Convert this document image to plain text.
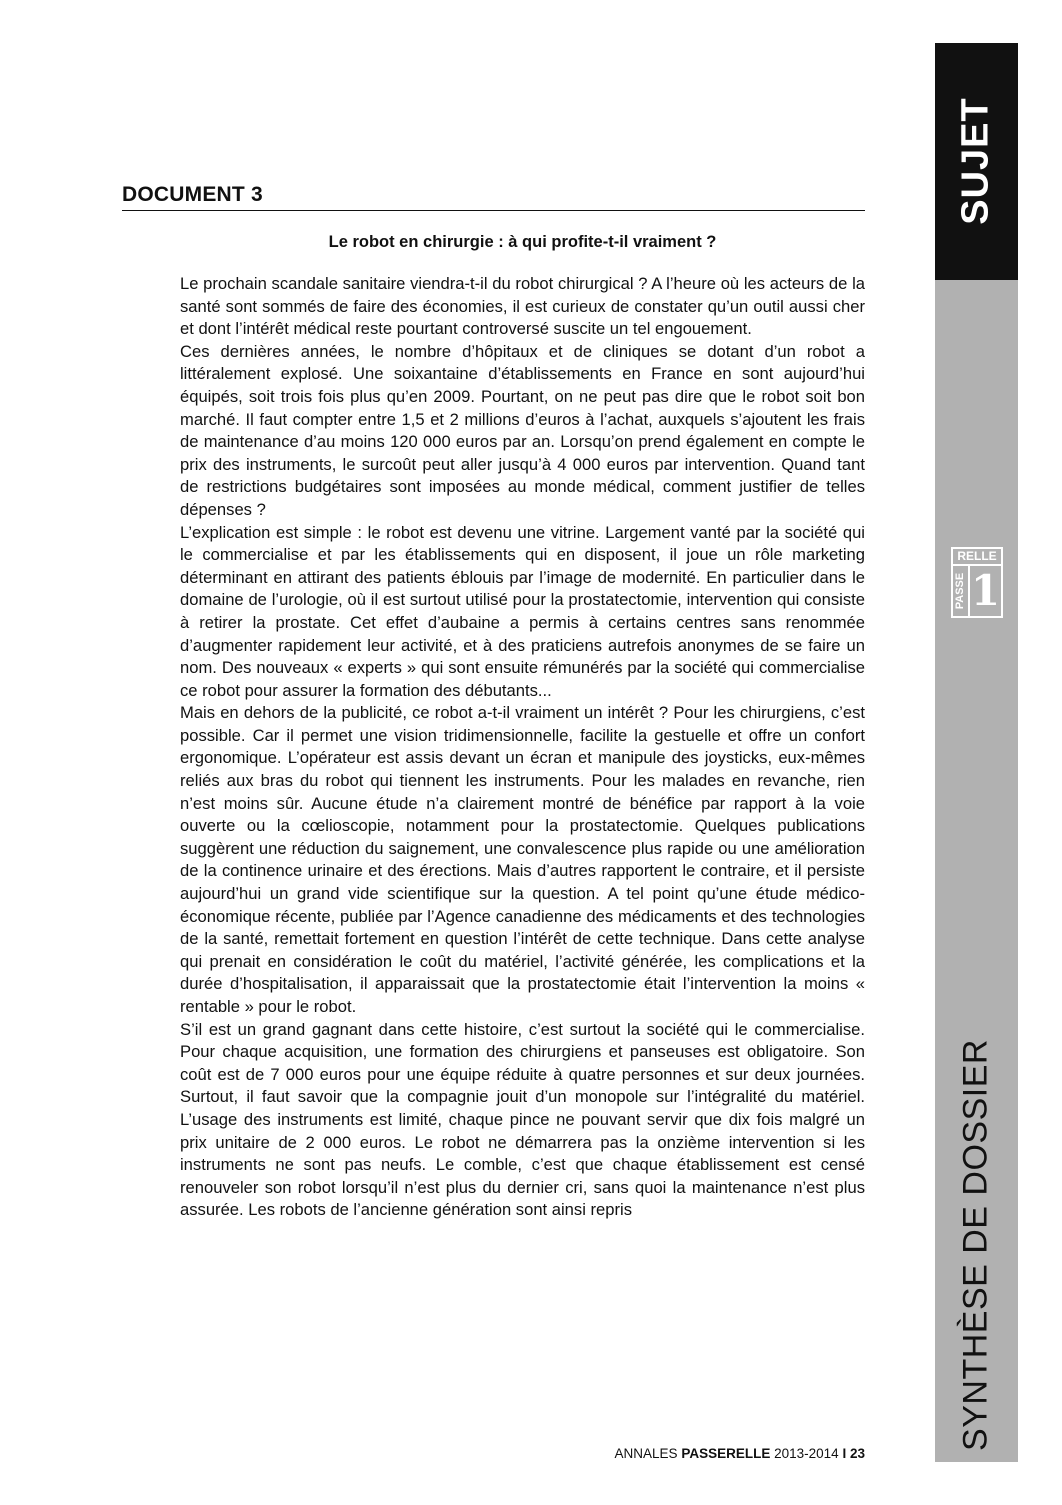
DOCUMENT 3
Le robot en chirurgie : à qui profite-t-il vraiment ?

Le prochain scandale sanitaire viendra-t-il du robot chirurgical ? A l’heure où les acteurs de la santé sont sommés de faire des économies, il est curieux de constater qu’un outil aussi cher et dont l’intérêt médical reste pourtant controversé suscite un tel engouement.

Ces dernières années, le nombre d’hôpitaux et de cliniques se dotant d’un robot a littéralement explosé. Une soixantaine d’établissements en France en sont aujourd’hui équipés, soit trois fois plus qu’en 2009. Pourtant, on ne peut pas dire que le robot soit bon marché. Il faut compter entre 1,5 et 2 millions d’euros à l’achat, auxquels s’ajoutent les frais de maintenance d’au moins 120 000 euros par an. Lorsqu’on prend également en compte le prix des instruments, le surcoût peut aller jusqu’à 4 000 euros par intervention. Quand tant de restrictions budgétaires sont imposées au monde médical, comment justifier de telles dépenses ?

L’explication est simple : le robot est devenu une vitrine. Largement vanté par la société qui le commercialise et par les établissements qui en disposent, il joue un rôle marketing déterminant en attirant des patients éblouis par l’image de modernité. En particulier dans le domaine de l’urologie, où il est surtout utilisé pour la prostatectomie, intervention qui consiste à retirer la prostate. Cet effet d’aubaine a permis à certains centres sans renommée d’augmenter rapidement leur activité, et à des praticiens autrefois anonymes de se faire un nom. Des nouveaux « experts » qui sont ensuite rémunérés par la société qui commercialise ce robot pour assurer la formation des débutants...

Mais en dehors de la publicité, ce robot a-t-il vraiment un intérêt ? Pour les chirurgiens, c’est possible. Car il permet une vision tridimensionnelle, facilite la gestuelle et offre un confort ergonomique. L’opérateur est assis devant un écran et manipule des joysticks, eux-mêmes reliés aux bras du robot qui tiennent les instruments. Pour les malades en revanche, rien n’est moins sûr. Aucune étude n’a clairement montré de bénéfice par rapport à la voie ouverte ou la cœlioscopie, notamment pour la prostatectomie. Quelques publications suggèrent une réduction du saignement, une convalescence plus rapide ou une amélioration de la continence urinaire et des érections. Mais d’autres rapportent le contraire, et il persiste aujourd’hui un grand vide scientifique sur la question. A tel point qu’une étude médico-économique récente, publiée par l’Agence canadienne des médicaments et des technologies de la santé, remettait fortement en question l’intérêt de cette technique. Dans cette analyse qui prenait en considération le coût du matériel, l’activité générée, les complications et la durée d’hospitalisation, il apparaissait que la prostatectomie était l’intervention la moins « rentable » pour le robot.

S’il est un grand gagnant dans cette histoire, c’est surtout la société qui le commercialise. Pour chaque acquisition, une formation des chirurgiens et panseuses est obligatoire. Son coût est de 7 000 euros pour une équipe réduite à quatre personnes et sur deux journées. Surtout, il faut savoir que la compagnie jouit d’un monopole sur l’intégralité du matériel. L’usage des instruments est limité, chaque pince ne pouvant servir que dix fois malgré un prix unitaire de 2 000 euros. Le robot ne démarrera pas la onzième intervention si les instruments ne sont pas neufs. Le comble, c’est que chaque établissement est censé renouveler son robot lorsqu’il n’est plus du dernier cri, sans quoi la maintenance n’est plus assurée. Les robots de l’ancienne génération sont ainsi repris

ANNALES PASSERELLE 2013-2014 I 23
SUJET
RELLE
PASSE 1
SYNTHÈSE DE DOSSIER
